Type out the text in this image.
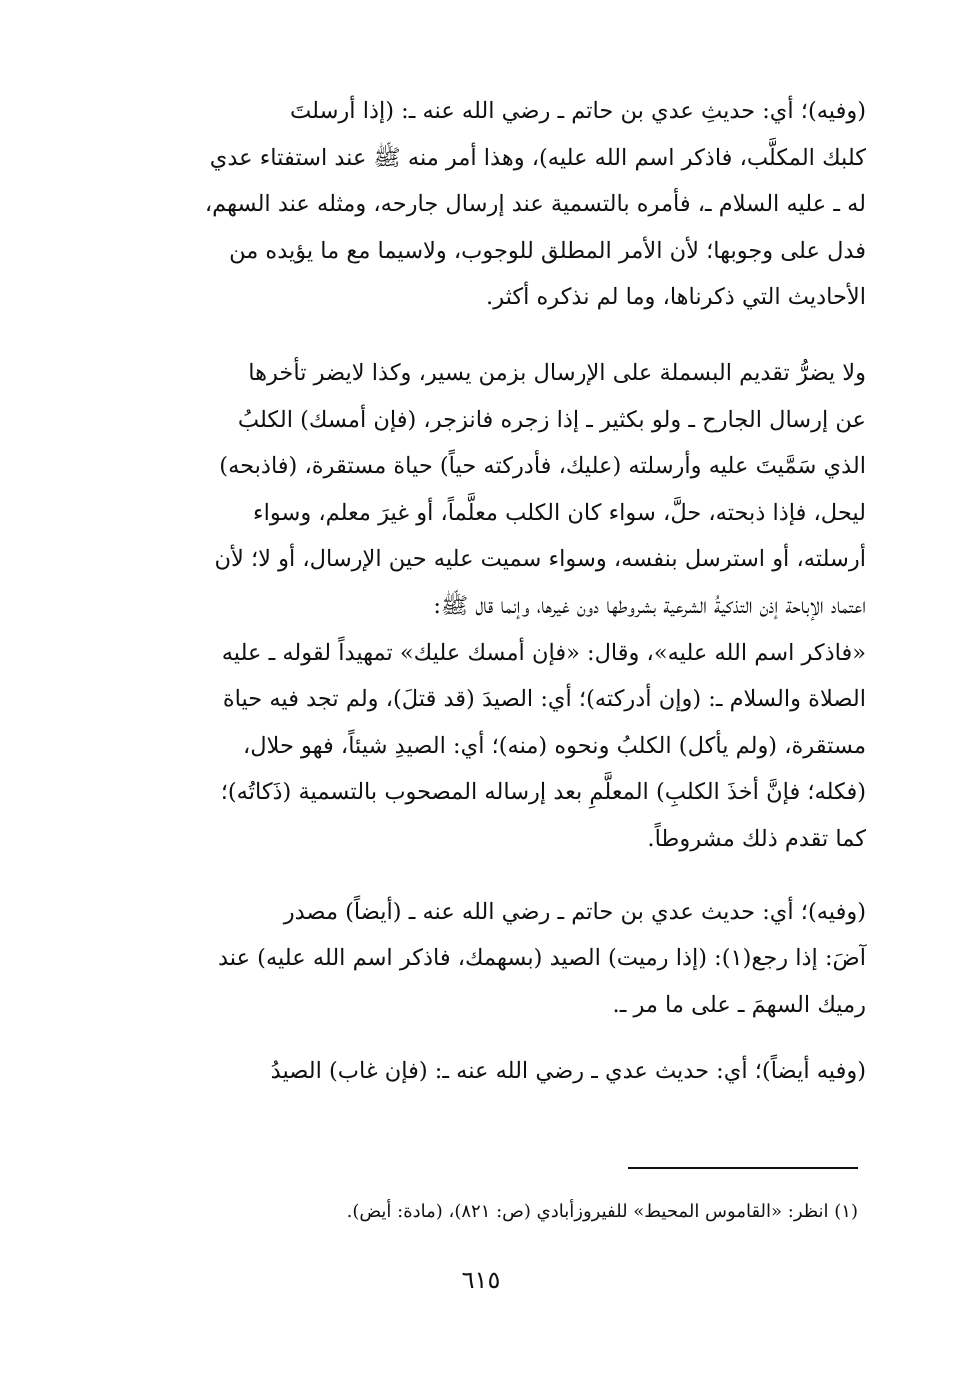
(وفيه)؛ أي: حديثِ عدي بن حاتم ـ رضي الله عنه ـ: (إذا أرسلتَ
كلبك المكلَّب، فاذكر اسم الله عليه)، وهذا أمر منه ﷺ عند استفتاء عدي
له ـ عليه السلام ـ، فأمره بالتسمية عند إرسال جارحه، ومثله عند السهم،
فدل على وجوبها؛ لأن الأمر المطلق للوجوب، ولاسيما مع ما يؤيده من
الأحاديث التي ذكرناها، وما لم نذكره أكثر.

ولا يضرُّ تقديم البسملة على الإرسال بزمن يسير، وكذا لايضر تأخرها
عن إرسال الجارح ـ ولو بكثير ـ إذا زجره فانزجر، (فإن أمسك) الكلبُ
الذي سَمَّيتَ عليه وأرسلته (عليك، فأدركته حياً) حياة مستقرة، (فاذبحه)
ليحل، فإذا ذبحته، حلَّ، سواء كان الكلب معلَّماً، أو غيرَ معلم، وسواء
أرسلته، أو استرسل بنفسه، وسواء سميت عليه حين الإرسال، أو لا؛ لأن
اعتماد الإباحة إذن التذكيةُ الشرعية بشروطها دون غيرها، وإنما قال ﷺ:
«فاذكر اسم الله عليه»، وقال: «فإن أمسك عليك» تمهيداً لقوله ـ عليه
الصلاة والسلام ـ: (وإن أدركته)؛ أي: الصيدَ (قد قتلَ)، ولم تجد فيه حياة
مستقرة، (ولم يأكل) الكلبُ ونحوه (منه)؛ أي: الصيدِ شيئاً، فهو حلال،
(فكله؛ فإنَّ أخذَ الكلبِ) المعلَّمِ بعد إرساله المصحوب بالتسمية (ذَكاتُه)؛
كما تقدم ذلك مشروطاً.

(وفيه)؛ أي: حديث عدي بن حاتم ـ رضي الله عنه ـ (أيضاً) مصدر
آضَ: إذا رجع(١): (إذا رميت) الصيد (بسهمك، فاذكر اسم الله عليه) عند
رميك السهمَ ـ على ما مر ـ.

(وفيه أيضاً)؛ أي: حديث عدي ـ رضي الله عنه ـ: (فإن غاب) الصيدُ

(١) انظر: «القاموس المحيط» للفيروزأبادي (ص: ٨٢١)، (مادة: أيض).
٦١٥
